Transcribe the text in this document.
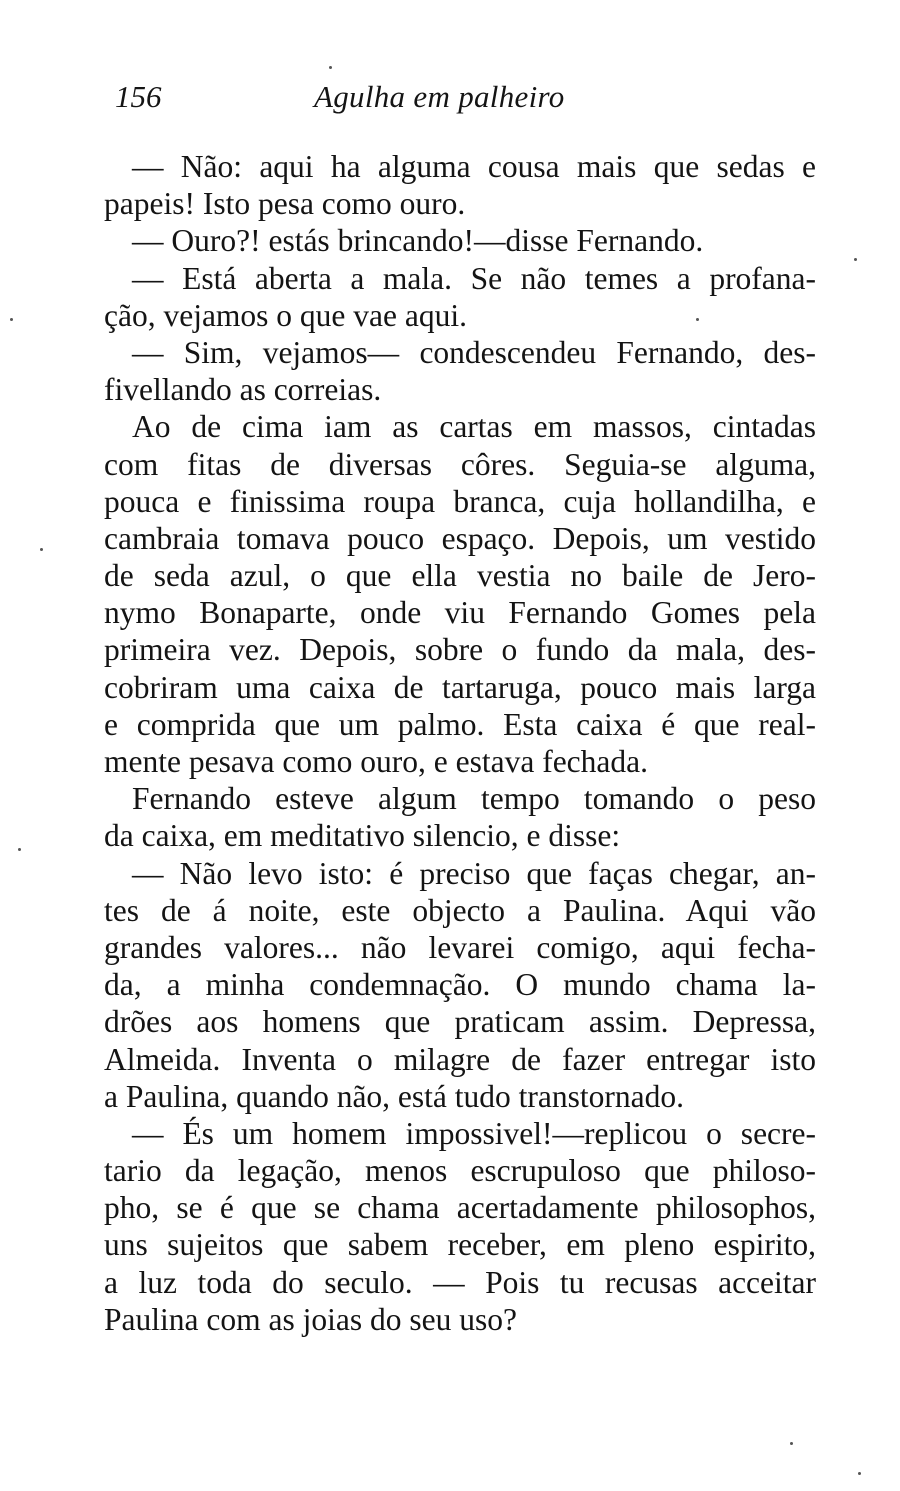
156	Agulha em palheiro
— Não: aqui ha alguma cousa mais que sedas e
papeis! Isto pesa como ouro.
— Ouro?! estás brincando!—disse Fernando.
— Está aberta a mala. Se não temes a profana-
ção, vejamos o que vae aqui.
— Sim, vejamos— condescendeu Fernando, des-
fivellando as correias.
Ao de cima iam as cartas em massos, cintadas
com fitas de diversas côres. Seguia-se alguma,
pouca e finissima roupa branca, cuja hollandilha, e
cambraia tomava pouco espaço. Depois, um vestido
de seda azul, o que ella vestia no baile de Jero-
nymo Bonaparte, onde viu Fernando Gomes pela
primeira vez. Depois, sobre o fundo da mala, des-
cobriram uma caixa de tartaruga, pouco mais larga
e comprida que um palmo. Esta caixa é que real-
mente pesava como ouro, e estava fechada.
Fernando esteve algum tempo tomando o peso
da caixa, em meditativo silencio, e disse:
— Não levo isto: é preciso que faças chegar, an-
tes de á noite, este objecto a Paulina. Aqui vão
grandes valores... não levarei comigo, aqui fecha-
da, a minha condemnação. O mundo chama la-
drões aos homens que praticam assim. Depressa,
Almeida. Inventa o milagre de fazer entregar isto
a Paulina, quando não, está tudo transtornado.
— És um homem impossivel!—replicou o secre-
tario da legação, menos escrupuloso que philoso-
pho, se é que se chama acertadamente philosophos,
uns sujeitos que sabem receber, em pleno espirito,
a luz toda do seculo. — Pois tu recusas acceitar
Paulina com as joias do seu uso?
